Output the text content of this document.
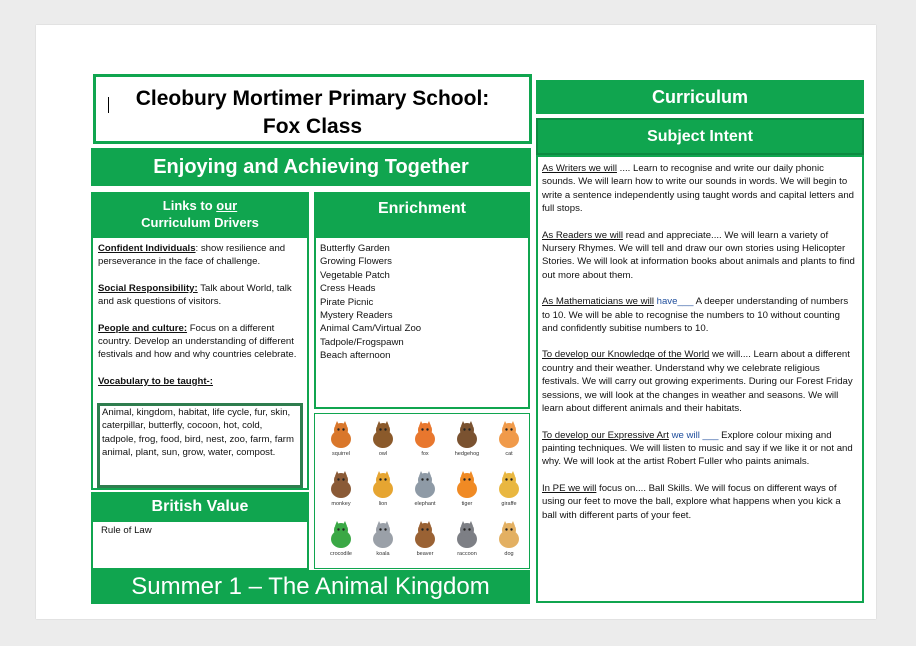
Cleobury Mortimer Primary School:
Fox Class
Enjoying and Achieving Together
Links to our
Curriculum Drivers
Confident Individuals: show resilience and perseverance in the face of challenge.
Social Responsibility: Talk about World, talk and ask questions of visitors.
People and culture: Focus on a different country. Develop an understanding of different festivals and how and why countries celebrate.
Vocabulary to be taught-:
Animal, kingdom, habitat, life cycle, fur, skin, caterpillar, butterfly, cocoon, hot, cold, tadpole, frog, food, bird, nest, zoo, farm, farm animal, plant, sun, grow, water, compost.
British Value
Rule of Law
Enrichment
Butterfly Garden
Growing Flowers
Vegetable Patch
Cress Heads
Pirate Picnic
Mystery Readers
Animal Cam/Virtual Zoo
Tadpole/Frogspawn
Beach afternoon
squirrel	owl	fox	hedgehog	cat
monkey	lion	elephant	tiger	giraffe
crocodile	koala	beaver	raccoon	dog
Summer 1 – The Animal Kingdom
Curriculum
Subject Intent
As Writers we will .... Learn to recognise and write our daily phonic sounds. We will learn how to write our sounds in words. We will begin to write a sentence independently using taught words and capital letters and full stops.
As Readers we will read and appreciate.... We will learn a variety of Nursery Rhymes. We will tell and draw our own stories using Helicopter Stories. We will look at information books about animals and plants to find out more about them.
As Mathematicians we will have___ A deeper understanding of numbers to 10. We will be able to recognise the numbers to 10 without counting and confidently subitise numbers to 10.
To develop our Knowledge of the World we will.... Learn about a different country and their weather. Understand why we celebrate religious festivals. We will carry out growing experiments. During our Forest Friday sessions, we will look at the changes in weather and seasons. We will learn about different animals and their habitats.
To develop our Expressive Art we will ___ Explore colour mixing and painting techniques. We will listen to music and say if we like it or not and why. We will look at the artist Robert Fuller who paints animals.
In PE we will focus on.... Ball Skills. We will focus on different ways of using our feet to move the ball, explore what happens when you kick a ball with different parts of your feet.
